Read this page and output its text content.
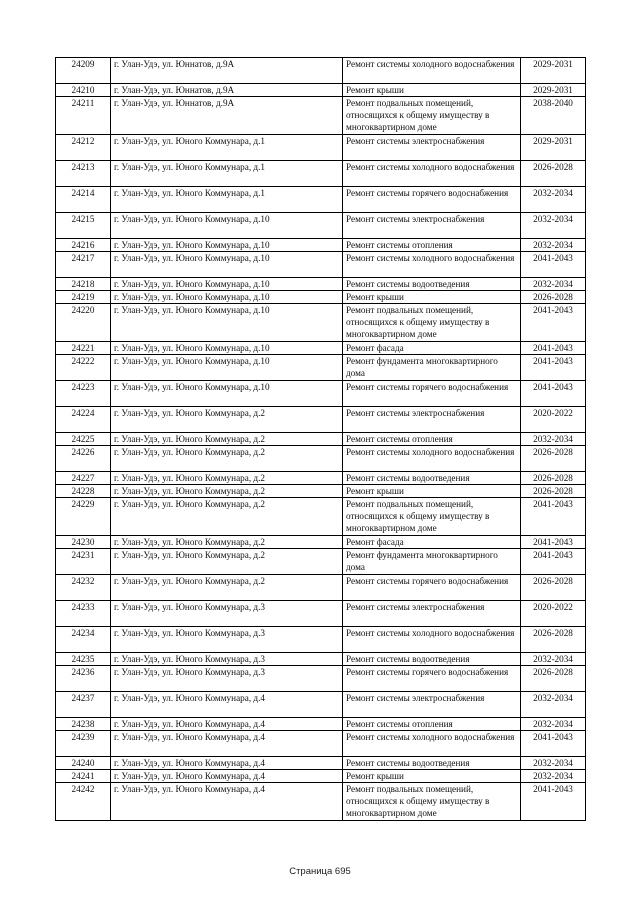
24209	г. Улан-Удэ, ул. Юннатов, д.9А	Ремонт системы холодного водоснабжения	2029-2031
24210	г. Улан-Удэ, ул. Юннатов, д.9А	Ремонт крыши	2029-2031
24211	г. Улан-Удэ, ул. Юннатов, д.9А	Ремонт подвальных помещений, относящихся к общему имуществу в многоквартирном доме	2038-2040
24212	г. Улан-Удэ, ул. Юного Коммунара, д.1	Ремонт системы электроснабжения	2029-2031
24213	г. Улан-Удэ, ул. Юного Коммунара, д.1	Ремонт системы холодного водоснабжения	2026-2028
24214	г. Улан-Удэ, ул. Юного Коммунара, д.1	Ремонт системы горячего водоснабжения	2032-2034
24215	г. Улан-Удэ, ул. Юного Коммунара, д.10	Ремонт системы электроснабжения	2032-2034
24216	г. Улан-Удэ, ул. Юного Коммунара, д.10	Ремонт системы отопления	2032-2034
24217	г. Улан-Удэ, ул. Юного Коммунара, д.10	Ремонт системы холодного водоснабжения	2041-2043
24218	г. Улан-Удэ, ул. Юного Коммунара, д.10	Ремонт системы водоотведения	2032-2034
24219	г. Улан-Удэ, ул. Юного Коммунара, д.10	Ремонт крыши	2026-2028
24220	г. Улан-Удэ, ул. Юного Коммунара, д.10	Ремонт подвальных помещений, относящихся к общему имуществу в многоквартирном доме	2041-2043
24221	г. Улан-Удэ, ул. Юного Коммунара, д.10	Ремонт фасада	2041-2043
24222	г. Улан-Удэ, ул. Юного Коммунара, д.10	Ремонт фундамента многоквартирного дома	2041-2043
24223	г. Улан-Удэ, ул. Юного Коммунара, д.10	Ремонт системы горячего водоснабжения	2041-2043
24224	г. Улан-Удэ, ул. Юного Коммунара, д.2	Ремонт системы электроснабжения	2020-2022
24225	г. Улан-Удэ, ул. Юного Коммунара, д.2	Ремонт системы отопления	2032-2034
24226	г. Улан-Удэ, ул. Юного Коммунара, д.2	Ремонт системы холодного водоснабжения	2026-2028
24227	г. Улан-Удэ, ул. Юного Коммунара, д.2	Ремонт системы водоотведения	2026-2028
24228	г. Улан-Удэ, ул. Юного Коммунара, д.2	Ремонт крыши	2026-2028
24229	г. Улан-Удэ, ул. Юного Коммунара, д.2	Ремонт подвальных помещений, относящихся к общему имуществу в многоквартирном доме	2041-2043
24230	г. Улан-Удэ, ул. Юного Коммунара, д.2	Ремонт фасада	2041-2043
24231	г. Улан-Удэ, ул. Юного Коммунара, д.2	Ремонт фундамента многоквартирного дома	2041-2043
24232	г. Улан-Удэ, ул. Юного Коммунара, д.2	Ремонт системы горячего водоснабжения	2026-2028
24233	г. Улан-Удэ, ул. Юного Коммунара, д.3	Ремонт системы электроснабжения	2020-2022
24234	г. Улан-Удэ, ул. Юного Коммунара, д.3	Ремонт системы холодного водоснабжения	2026-2028
24235	г. Улан-Удэ, ул. Юного Коммунара, д.3	Ремонт системы водоотведения	2032-2034
24236	г. Улан-Удэ, ул. Юного Коммунара, д.3	Ремонт системы горячего водоснабжения	2026-2028
24237	г. Улан-Удэ, ул. Юного Коммунара, д.4	Ремонт системы электроснабжения	2032-2034
24238	г. Улан-Удэ, ул. Юного Коммунара, д.4	Ремонт системы отопления	2032-2034
24239	г. Улан-Удэ, ул. Юного Коммунара, д.4	Ремонт системы холодного водоснабжения	2041-2043
24240	г. Улан-Удэ, ул. Юного Коммунара, д.4	Ремонт системы водоотведения	2032-2034
24241	г. Улан-Удэ, ул. Юного Коммунара, д.4	Ремонт крыши	2032-2034
24242	г. Улан-Удэ, ул. Юного Коммунара, д.4	Ремонт подвальных помещений, относящихся к общему имуществу в многоквартирном доме	2041-2043
Страница 695
